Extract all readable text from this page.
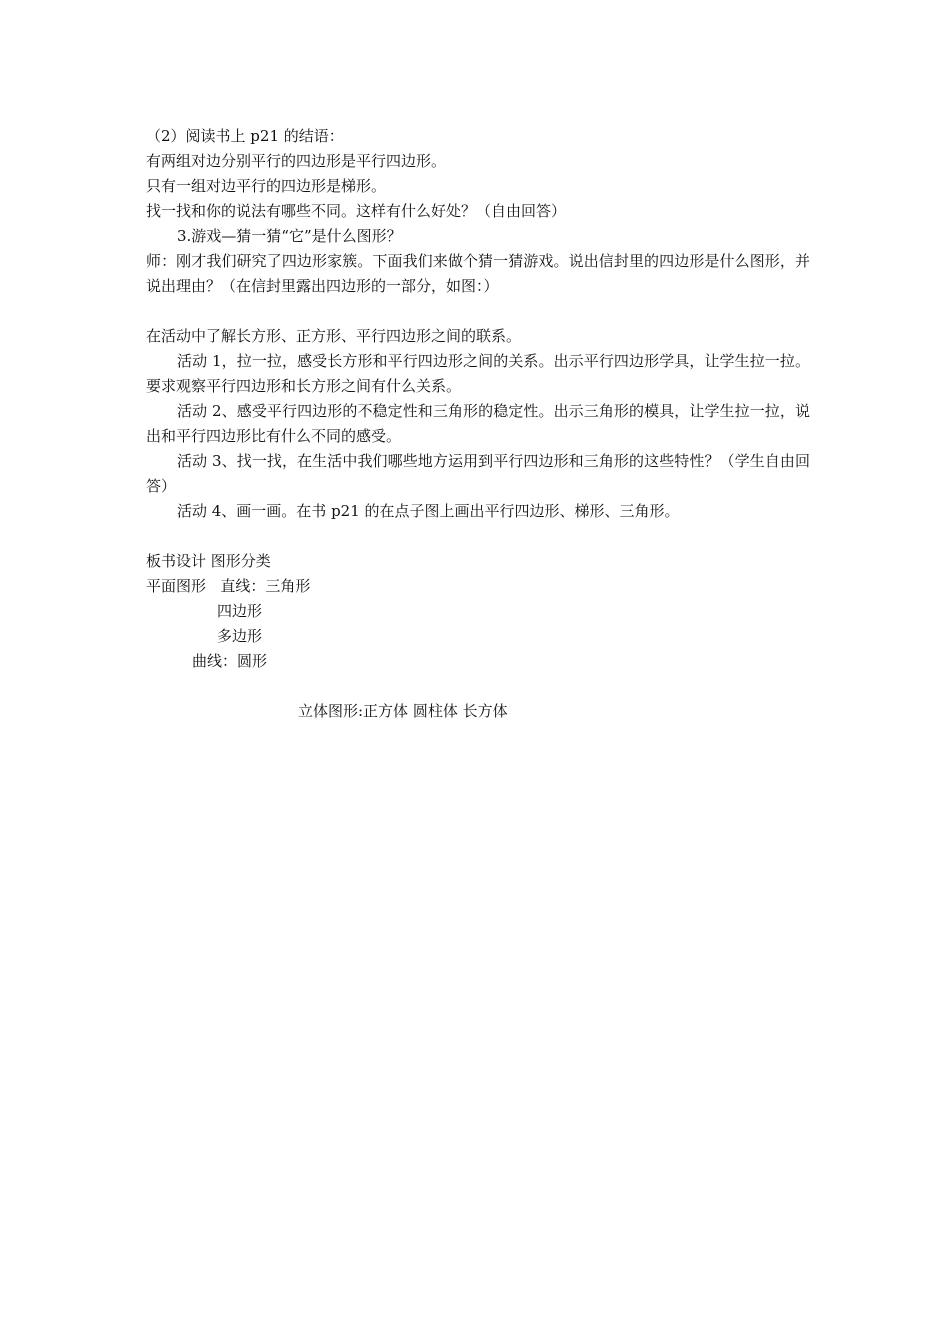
（2）阅读书上 p21 的结语：
有两组对边分别平行的四边形是平行四边形。
只有一组对边平行的四边形是梯形。
找一找和你的说法有哪些不同。这样有什么好处？（自由回答）
3.游戏—猜一猜“它”是什么图形？
师：刚才我们研究了四边形家簇。下面我们来做个猜一猜游戏。说出信封里的四边形是什么图形，并说出理由？（在信封里露出四边形的一部分，如图：）
在活动中了解长方形、正方形、平行四边形之间的联系。
活动 1，拉一拉，感受长方形和平行四边形之间的关系。出示平行四边形学具，让学生拉一拉。要求观察平行四边形和长方形之间有什么关系。
活动 2、感受平行四边形的不稳定性和三角形的稳定性。出示三角形的模具，让学生拉一拉，说出和平行四边形比有什么不同的感受。
活动 3、找一找，在生活中我们哪些地方运用到平行四边形和三角形的这些特性？（学生自由回答）
活动 4、画一画。在书 p21 的在点子图上画出平行四边形、梯形、三角形。
板书设计 图形分类
平面图形 直线：三角形
四边形
多边形
曲线：圆形
立体图形:正方体 圆柱体 长方体
